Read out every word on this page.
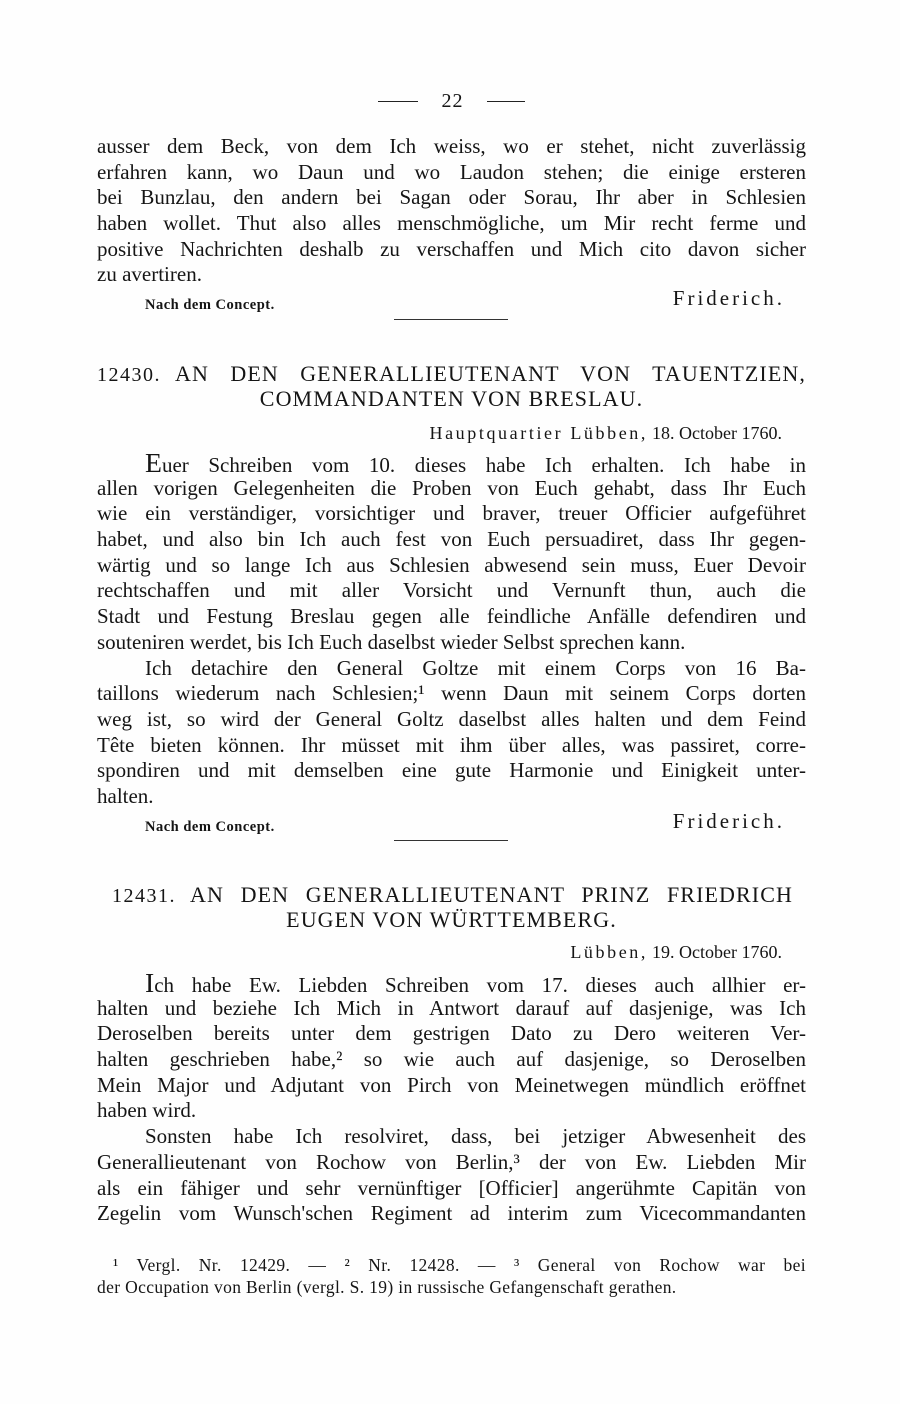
22
ausser dem Beck, von dem Ich weiss, wo er stehet, nicht zuverlässig
erfahren kann, wo Daun und wo Laudon stehen; die einige ersteren
bei Bunzlau, den andern bei Sagan oder Sorau, Ihr aber in Schlesien
haben wollet. Thut also alles menschmögliche, um Mir recht ferme und
positive Nachrichten deshalb zu verschaffen und Mich cito davon sicher
zu avertiren.
Nach dem Concept.	Friderich.
12430. AN DEN GENERALLIEUTENANT VON TAUENTZIEN,
COMMANDANTEN VON BRESLAU.
Hauptquartier Lübben, 18. October 1760.
Euer Schreiben vom 10. dieses habe Ich erhalten. Ich habe in
allen vorigen Gelegenheiten die Proben von Euch gehabt, dass Ihr Euch
wie ein verständiger, vorsichtiger und braver, treuer Officier aufgeführet
habet, und also bin Ich auch fest von Euch persuadiret, dass Ihr gegen-
wärtig und so lange Ich aus Schlesien abwesend sein muss, Euer Devoir
rechtschaffen und mit aller Vorsicht und Vernunft thun, auch die
Stadt und Festung Breslau gegen alle feindliche Anfälle defendiren und
souteniren werdet, bis Ich Euch daselbst wieder Selbst sprechen kann.
Ich detachire den General Goltze mit einem Corps von 16 Ba-
taillons wiederum nach Schlesien;¹ wenn Daun mit seinem Corps dorten
weg ist, so wird der General Goltz daselbst alles halten und dem Feind
Tête bieten können. Ihr müsset mit ihm über alles, was passiret, corre-
spondiren und mit demselben eine gute Harmonie und Einigkeit unter-
halten.
Nach dem Concept.	Friderich.
12431. AN DEN GENERALLIEUTENANT PRINZ FRIEDRICH
EUGEN VON WÜRTTEMBERG.
Lübben, 19. October 1760.
Ich habe Ew. Liebden Schreiben vom 17. dieses auch allhier er-
halten und beziehe Ich Mich in Antwort darauf auf dasjenige, was Ich
Deroselben bereits unter dem gestrigen Dato zu Dero weiteren Ver-
halten geschrieben habe,² so wie auch auf dasjenige, so Deroselben
Mein Major und Adjutant von Pirch von Meinetwegen mündlich eröffnet
haben wird.
Sonsten habe Ich resolviret, dass, bei jetziger Abwesenheit des
Generallieutenant von Rochow von Berlin,³ der von Ew. Liebden Mir
als ein fähiger und sehr vernünftiger [Officier] angerühmte Capitän von
Zegelin vom Wunsch'schen Regiment ad interim zum Vicecommandanten
¹ Vergl. Nr. 12429. — ² Nr. 12428. — ³ General von Rochow war bei
der Occupation von Berlin (vergl. S. 19) in russische Gefangenschaft gerathen.
